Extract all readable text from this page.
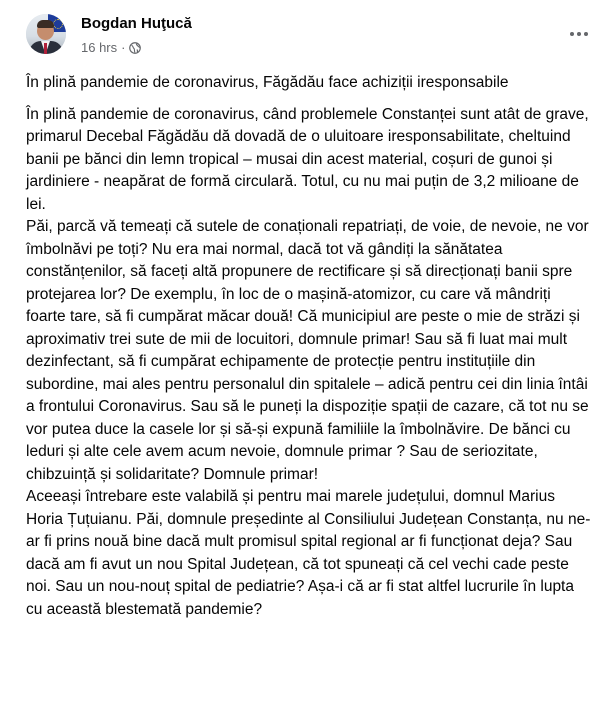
Bogdan Huţucă
16 hrs ·

În plină pandemie de coronavirus, Făgădău face achiziții iresponsabile

În plină pandemie de coronavirus, când problemele Constanței sunt atât de grave, primarul Decebal Făgădău dă dovadă de o uluitoare iresponsabilitate, cheltuind banii pe bănci din lemn tropical – musai din acest material, coșuri de gunoi și jardiniere - neapărat de formă circulară. Totul, cu nu mai puțin de 3,2 milioane de lei.

Păi, parcă vă temeați că sutele de conaționali repatriați, de voie, de nevoie, ne vor îmbolnăvi pe toți? Nu era mai normal, dacă tot vă gândiți la sănătatea constănțenilor, să faceți altă propunere de rectificare și să direcționați banii spre protejarea lor? De exemplu, în loc de o mașină-atomizor, cu care vă mândriți foarte tare, să fi cumpărat măcar două! Că municipiul are peste o mie de străzi și aproximativ trei sute de mii de locuitori, domnule primar! Sau să fi luat mai mult dezinfectant, să fi cumpărat echipamente de protecție pentru instituțiile din subordine, mai ales pentru personalul din spitalele – adică pentru cei din linia întâi a frontului Coronavirus. Sau să le puneți la dispoziție spații de cazare, că tot nu se vor putea duce la casele lor și să-și expună familiile la îmbolnăvire. De bănci cu leduri și alte cele avem acum nevoie, domnule primar ? Sau de seriozitate, chibzuință și solidaritate? Domnule primar!

Aceeași întrebare este valabilă și pentru mai marele județului, domnul Marius Horia Țuțuianu. Păi, domnule președinte al Consiliului Județean Constanța, nu ne-ar fi prins nouă bine dacă mult promisul spital regional ar fi funcționat deja? Sau dacă am fi avut un nou Spital Județean, că tot spuneați că cel vechi cade peste noi. Sau un nou-nouț spital de pediatrie? Așa-i că ar fi stat altfel lucrurile în lupta cu această blestemată pandemie?
